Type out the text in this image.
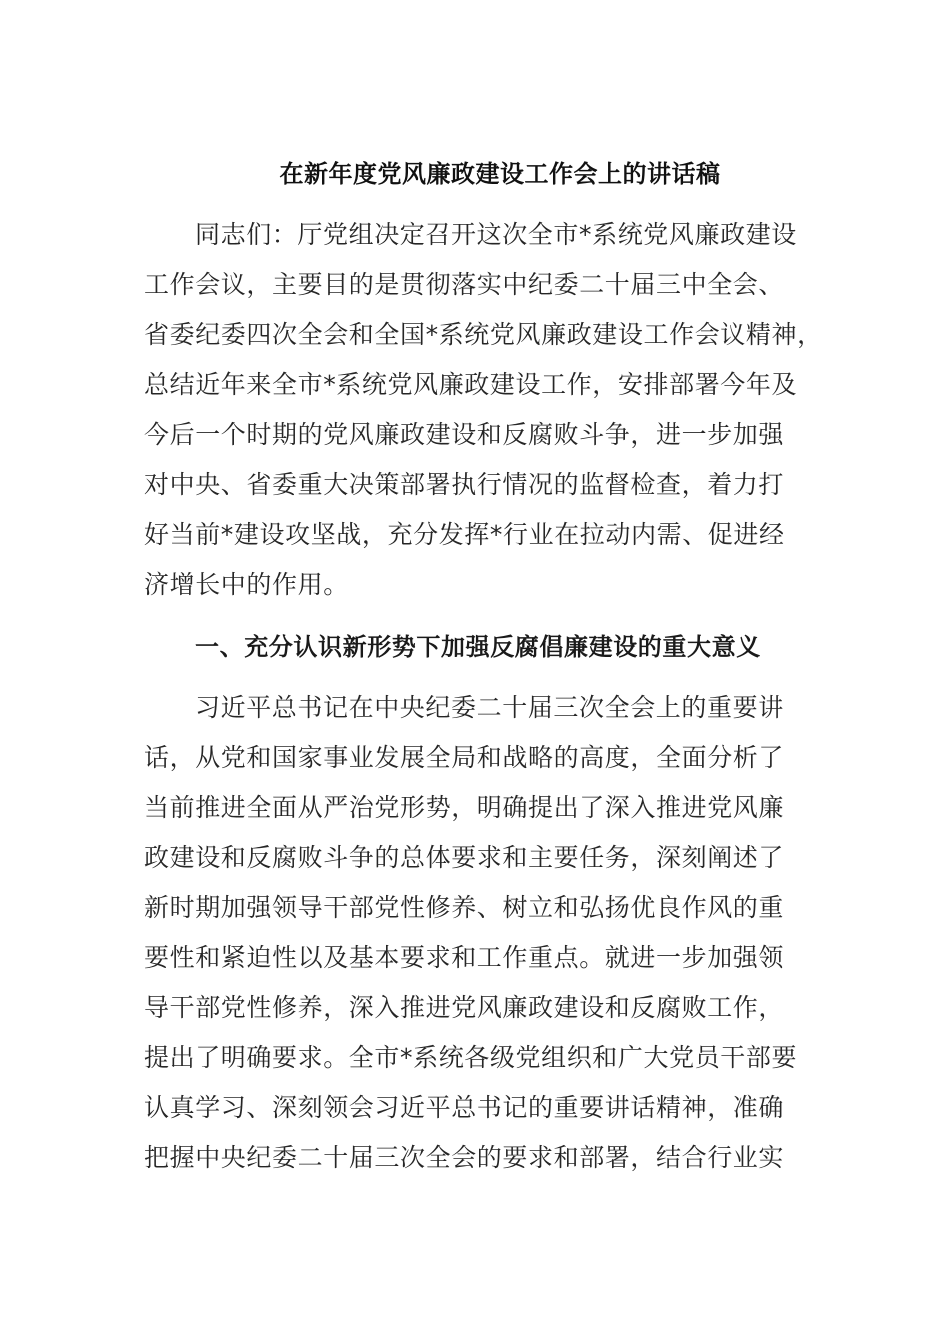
在新年度党风廉政建设工作会上的讲话稿
同志们：厅党组决定召开这次全市*系统党风廉政建设
工作会议，主要目的是贯彻落实中纪委二十届三中全会、
省委纪委四次全会和全国*系统党风廉政建设工作会议精神，
总结近年来全市*系统党风廉政建设工作，安排部署今年及
今后一个时期的党风廉政建设和反腐败斗争，进一步加强
对中央、省委重大决策部署执行情况的监督检查，着力打
好当前*建设攻坚战，充分发挥*行业在拉动内需、促进经
济增长中的作用。
一、充分认识新形势下加强反腐倡廉建设的重大意义
习近平总书记在中央纪委二十届三次全会上的重要讲
话，从党和国家事业发展全局和战略的高度，全面分析了
当前推进全面从严治党形势，明确提出了深入推进党风廉
政建设和反腐败斗争的总体要求和主要任务，深刻阐述了
新时期加强领导干部党性修养、树立和弘扬优良作风的重
要性和紧迫性以及基本要求和工作重点。就进一步加强领
导干部党性修养，深入推进党风廉政建设和反腐败工作，
提出了明确要求。全市*系统各级党组织和广大党员干部要
认真学习、深刻领会习近平总书记的重要讲话精神，准确
把握中央纪委二十届三次全会的要求和部署，结合行业实
